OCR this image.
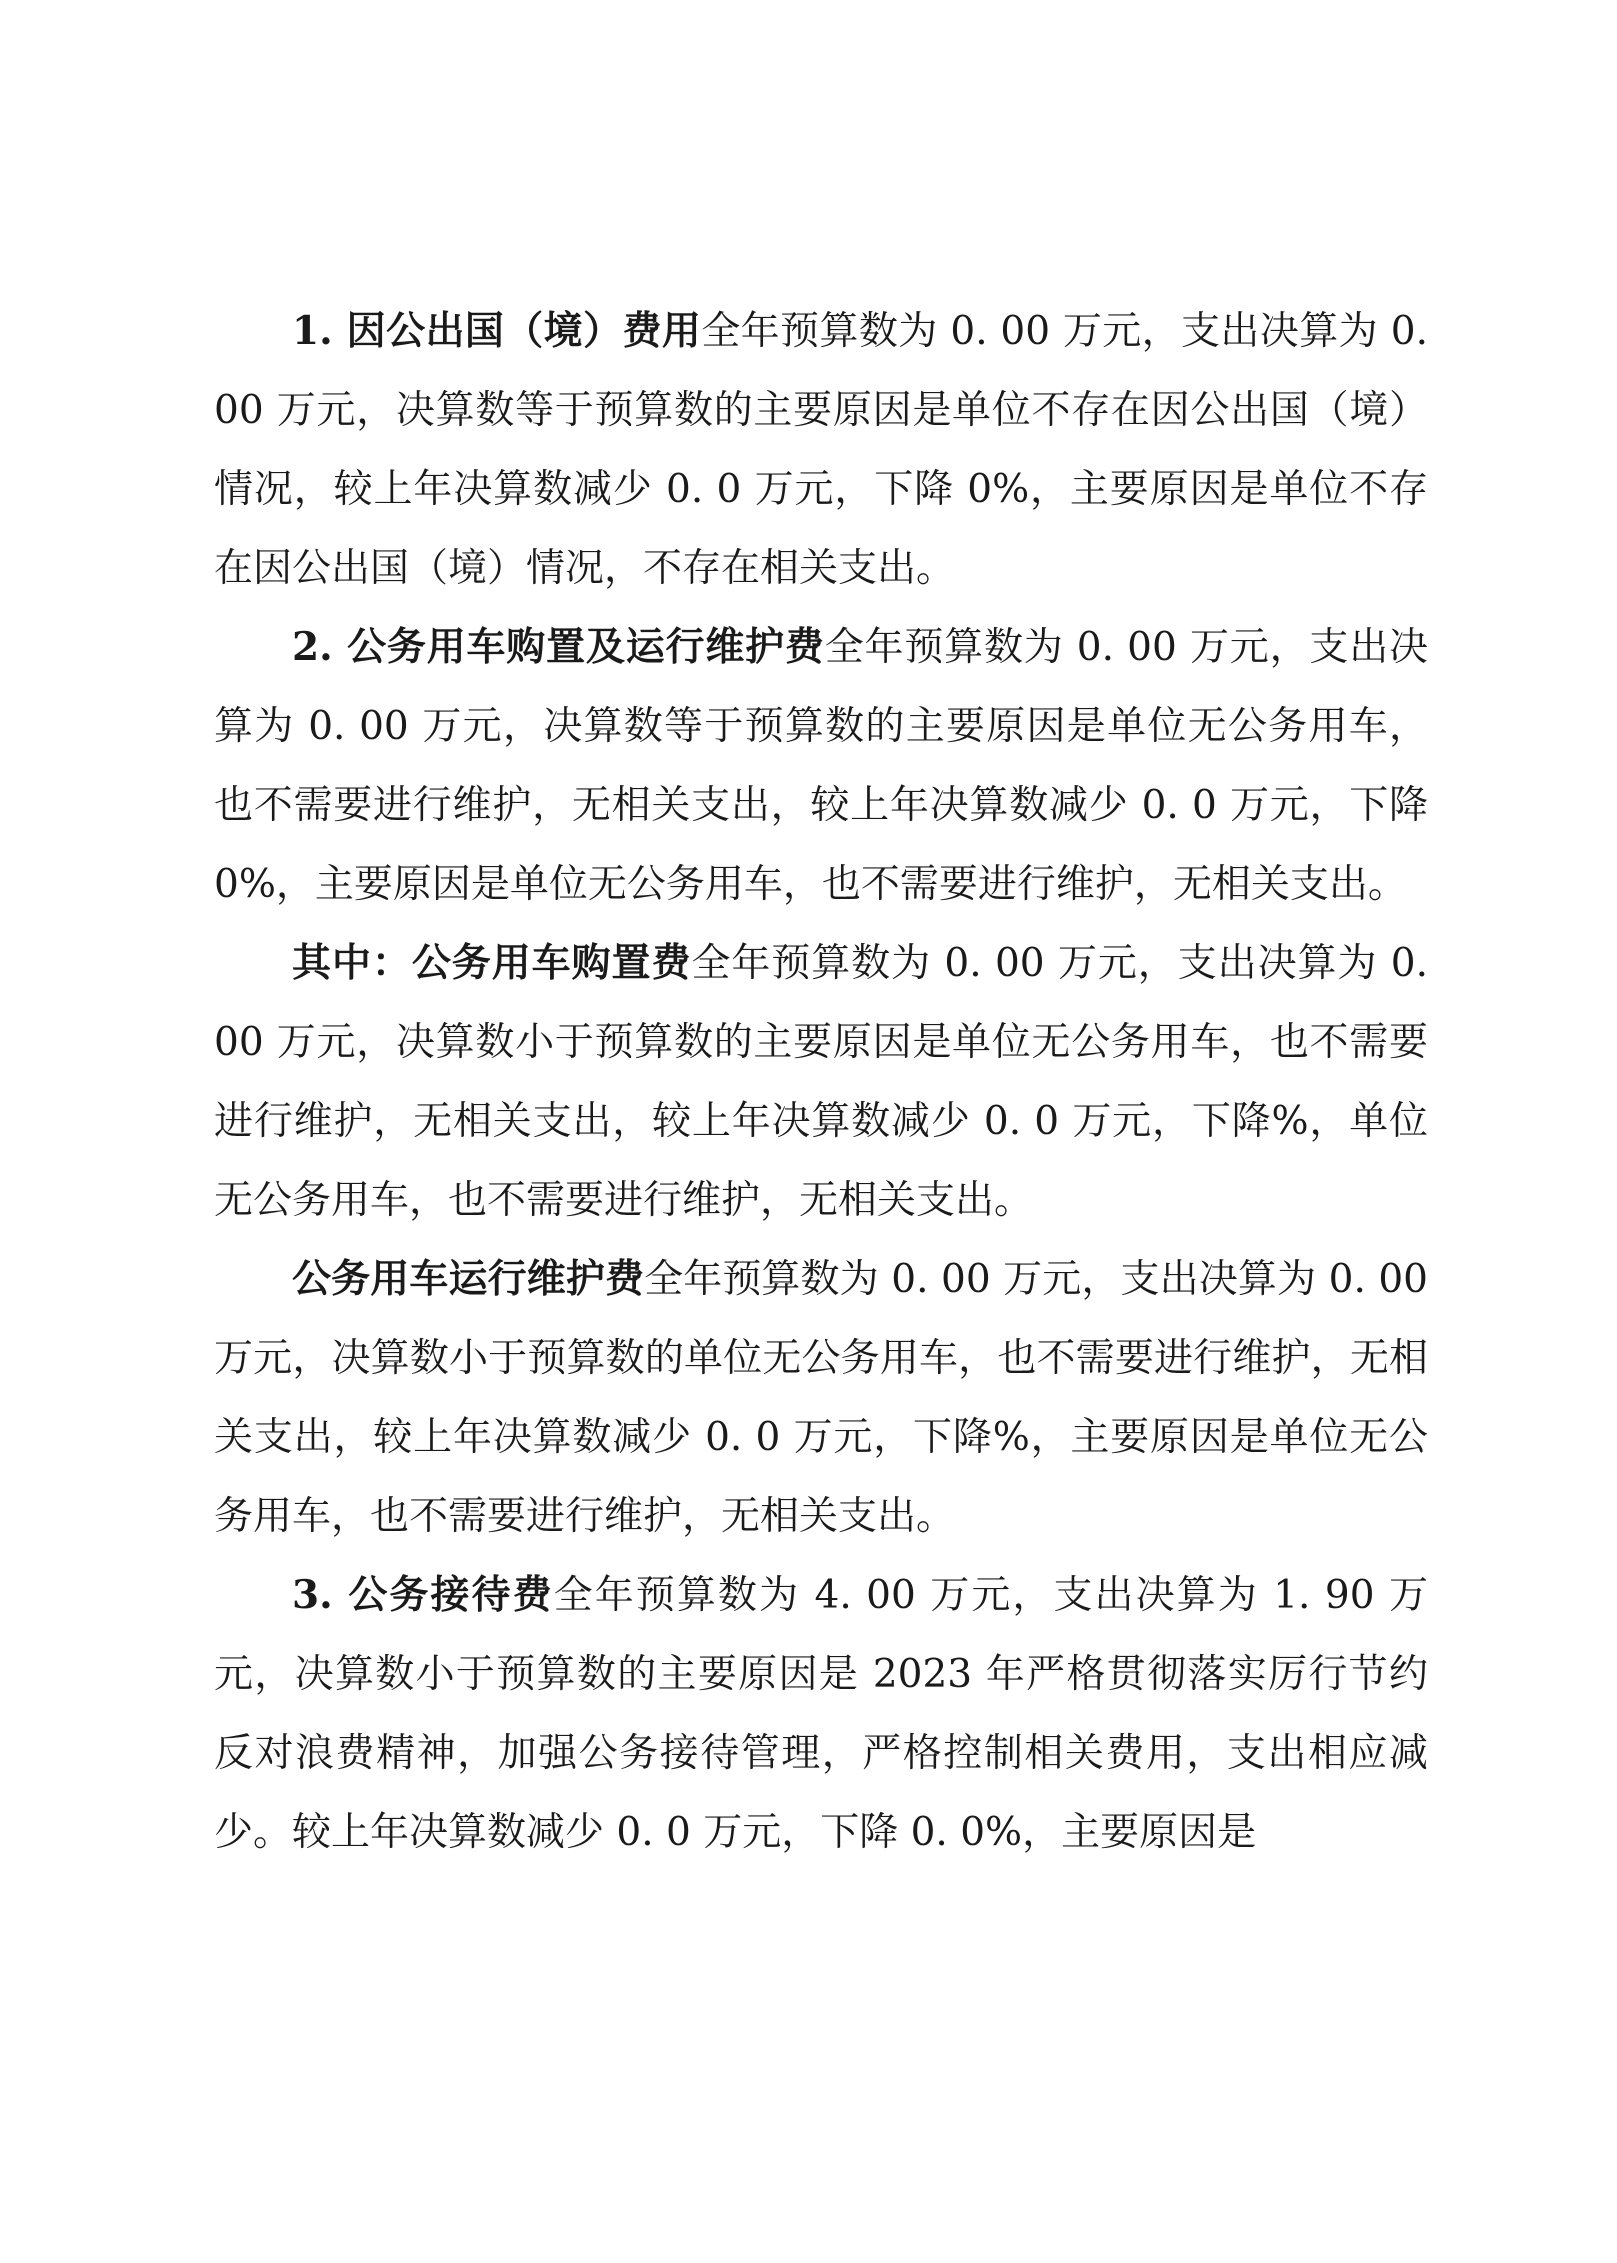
1. 因公出国（境）费用全年预算数为 0. 00 万元，支出决算为 0. 00 万元，决算数等于预算数的主要原因是单位不存在因公出国（境）情况，较上年决算数减少 0. 0 万元，下降 0%，主要原因是单位不存在因公出国（境）情况，不存在相关支出。

2. 公务用车购置及运行维护费全年预算数为 0. 00 万元，支出决算为 0. 00 万元，决算数等于预算数的主要原因是单位无公务用车，也不需要进行维护，无相关支出，较上年决算数减少 0. 0 万元，下降 0%，主要原因是单位无公务用车，也不需要进行维护，无相关支出。

其中：公务用车购置费全年预算数为 0. 00 万元，支出决算为 0. 00 万元，决算数小于预算数的主要原因是单位无公务用车，也不需要进行维护，无相关支出，较上年决算数减少 0. 0 万元，下降%，单位无公务用车，也不需要进行维护，无相关支出。

公务用车运行维护费全年预算数为 0. 00 万元，支出决算为 0. 00 万元，决算数小于预算数的单位无公务用车，也不需要进行维护，无相关支出，较上年决算数减少 0. 0 万元，下降%，主要原因是单位无公务用车，也不需要进行维护，无相关支出。

3. 公务接待费全年预算数为 4. 00 万元，支出决算为 1. 90 万元，决算数小于预算数的主要原因是 2023 年严格贯彻落实厉行节约反对浪费精神，加强公务接待管理，严格控制相关费用，支出相应减少。较上年决算数减少 0. 0 万元，下降 0. 0%，主要原因是
